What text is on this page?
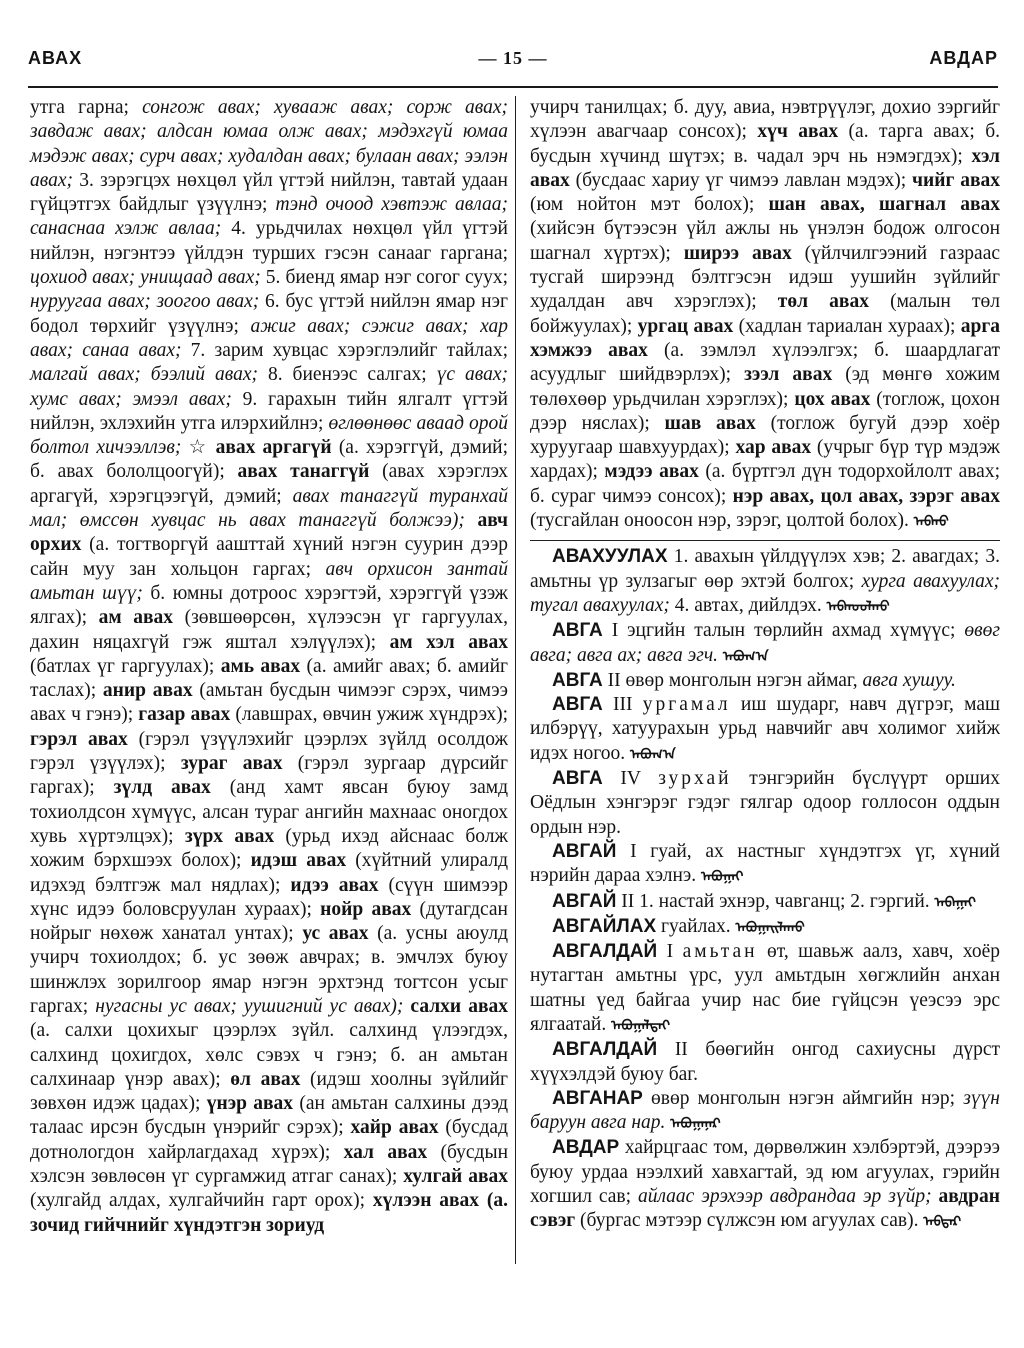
АВАХ	— 15 —	АВДАР

утга гарна; сонгож авах; хувааж авах; сорж авах; завдаж авах; алдсан юмаа олж авах; мэдэхгүй юмаа мэдэж авах; сурч авах; худалдан авах; булаан авах; ээлэн авах; 3. зэрэгцэх нөхцөл үйл үгтэй нийлэн, тавтай удаан гүйцэтгэх байдлыг үзүүлнэ; тэнд очоод хэвтэж авлаа; санаснаа хэлж авлаа; 4. урьдчилах нөхцөл үйл үгтэй нийлэн, нэгэнтээ үйлдэн турших гэсэн санааг гаргана; цохиод авах; унищаад авах; 5. биенд ямар нэг согог суух; нуруугаа авах; зоогоо авах; 6. бус үгтэй нийлэн ямар нэг бодол төрхийг үзүүлнэ; ажиг авах; сэжиг авах; хар авах; санаа авах; 7. зарим хувцас хэрэглэлийг тайлах; малгай авах; бээлий авах; 8. биенээс салгах; үс авах; хумс авах; эмээл авах; 9. гарахын тийн ялгалт үгтэй нийлэн, эхлэхийн утга илэрхийлнэ; өглөөнөөс аваад орой болтол хичээллэв; ☆ авах аргагүй (а. хэрэггүй, дэмий; б. авах бололцоогүй); авах танаггүй (авах хэрэглэх аргагүй, хэрэгцээгүй, дэмий; авах танаггүй туранхай мал; өмссөн хувцас нь авах танаггүй болжээ); авч орхих (а. тогтворгүй аашттай хүний нэгэн суурин дээр сайн муу зан хольцон гаргах; авч орхисон зантай амьтан шүү; б. юмны дотроос хэрэгтэй, хэрэггүй үзэж ялгах); ам авах (зөвшөөрсөн, хүлээсэн үг гаргуулах, дахин няцахгүй гэж яштал хэлүүлэх); ам хэл авах (батлах үг гаргуулах); амь авах (а. амийг авах; б. амийг таслах); анир авах (амьтан бусдын чимээг сэрэх, чимээ авах ч гэнэ); газар авах (лавшрах, өвчин ужиж хүндрэх); гэрэл авах (гэрэл үзүүлэхийг цээрлэх зүйлд осолдож гэрэл үзүүлэх); зураг авах (гэрэл зургаар дүрсийг гаргах); зүлд авах (анд хамт явсан буюу замд тохиолдсон хүмүүс, алсан тураг ангийн махнаас оногдох хувь хүртэлцэх); зүрх авах (урьд ихэд айснаас болж хожим бэрхшээх болох); идэш авах (хүйтний улиралд идэхэд бэлтгэж мал нядлах); идээ авах (сүүн шимээр хүнс идээ боловсруулан хураах); нойр авах (дутагдсан нойрыг нөхөж ханатал унтах); ус авах (а. усны аюулд учирч тохиолдох; б. ус зөөж авчрах; в. эмчлэх буюу шинжлэх зорилгоор ямар нэгэн эрхтэнд тогтсон усыг гаргах; нугасны ус авах; уушигний ус авах); салхи авах (а. салхи цохихыг цээрлэх зүйл. салхинд үлээгдэх, салхинд цохигдох, хөлс сэвэх ч гэнэ; б. ан амьтан салхинаар үнэр авах); өл авах (идэш хоолны зүйлийг зөвхөн идэж цадах); үнэр авах (ан амьтан салхины дээд талаас ирсэн бусдын үнэрийг сэрэх); хайр авах (бусдад дотнологдон хайрлагдахад хүрэх); хал авах (бусдын хэлсэн зөвлөсөн үг сургамжид атгаг санах); хулгай авах (хулгайд алдах, хулгайчийн гарт орох); хүлээн авах (а. зочид гийчнийг хүндэтгэн зориуд

учирч танилцах; б. дуу, авиа, нэвтрүүлэг, дохио зэргийг хүлээн авагчаар сонсох); хүч авах (а. тарга авах; б. бусдын хүчинд шүтэх; в. чадал эрч нь нэмэгдэх); хэл авах (бусдаас хариу үг чимээ лавлан мэдэх); чийг авах (юм нойтон мэт болох); шан авах, шагнал авах (хийсэн бүтээсэн үйл ажлы нь үнэлэн бодож олгосон шагнал хүртэх); ширээ авах (үйлчилгээний газраас тусгай ширээнд бэлтгэсэн идэш уушийн зүйлийг худалдан авч хэрэглэх); төл авах (малын төл бойжуулах); ургац авах (хадлан тариалан хураах); арга хэмжээ авах (а. зэмлэл хүлээлгэх; б. шаардлагат асуудлыг шийдвэрлэх); зээл авах (эд мөнгө хожим төлөхөөр урьдчилан хэрэглэх); цох авах (тоглож, цохон дээр няслах); шав авах (тоглож бугуй дээр хоёр хуруугаар шавхуурдах); хар авах (учрыг бүр түр мэдэж хардах); мэдээ авах (а. бүртгэл дүн тодорхойлолт авах; б. сураг чимээ сонсох); нэр авах, цол авах, зэрэг авах (тусгайлан оноосон нэр, зэрэг, цолтой болох). ᠠᠪᠬᠤ

АВАХУУЛАХ 1. авахын үйлдүүлэх хэв; 2. авагдах; 3. амьтны үр зулзагыг өөр эхтэй болгох; хурга авахуулах; тугал авахуулах; 4. автах, дийлдэх. ᠠᠪᠬᠤᠤᠯᠬᠤ

АВГА I эцгийн талын төрлийн ахмад хүмүүс; өвөг авга; авга ах; авга эгч. ᠠᠪᠤᠭ᠎ᠠ

АВГА II өвөр монголын нэгэн аймаг, авга хушуу.

АВГА III ургамал иш шударг, навч дүгрэг, маш илбэрүү, хатуурахын урьд навчийг авч холимог хийж идэх ногоо. ᠠᠪᠤᠭ᠎ᠠ

АВГА IV зурхай тэнгэрийн бүслүүрт орших Оёдлын хэнгэрэг гэдэг гялгар одоор голлосон оддын ордын нэр.

АВГАЙ I гуай, ах настныг хүндэтгэх үг, хүний нэрийн дараа хэлнэ. ᠠᠪᠤᠭᠠᠢ

АВГАЙ II 1. настай эхнэр, чавганц; 2. гэргий. ᠠᠪᠠᠭᠠᠢ

АВГАЙЛАХ гуайлах. ᠠᠪᠤᠭᠠᠢᠯᠠᠬᠤ

АВГАЛДАЙ I амьтан өт, шавьж аалз, хавч, хоёр нутагтан амьтны үрс, уул амьтдын хөгжлийн анхан шатны үед байгаа учир нас бие гүйцсэн үеэсээ эрс ялгаатай. ᠠᠪᠤᠭᠠᠯᠳᠠᠢ

АВГАЛДАЙ II бөөгийн онгод сахиусны дүрст хүүхэлдэй буюу баг.

АВГАНАР өвөр монголын нэгэн аймгийн нэр; зүүн баруун авга нар. ᠠᠪᠤᠭᠠᠨᠠᠷ

АВДАР хайрцгаас том, дөрвөлжин хэлбэртэй, дээрээ буюу урдаа нээлхий хавхагтай, эд юм агуулах, гэрийн хогшил сав; айлаас эрэхээр авдрандаа эр зүйр; авдран сэвэг (бургас мэтээр сүлжсэн юм агуулах сав). ᠠᠪᠳᠠᠷ
